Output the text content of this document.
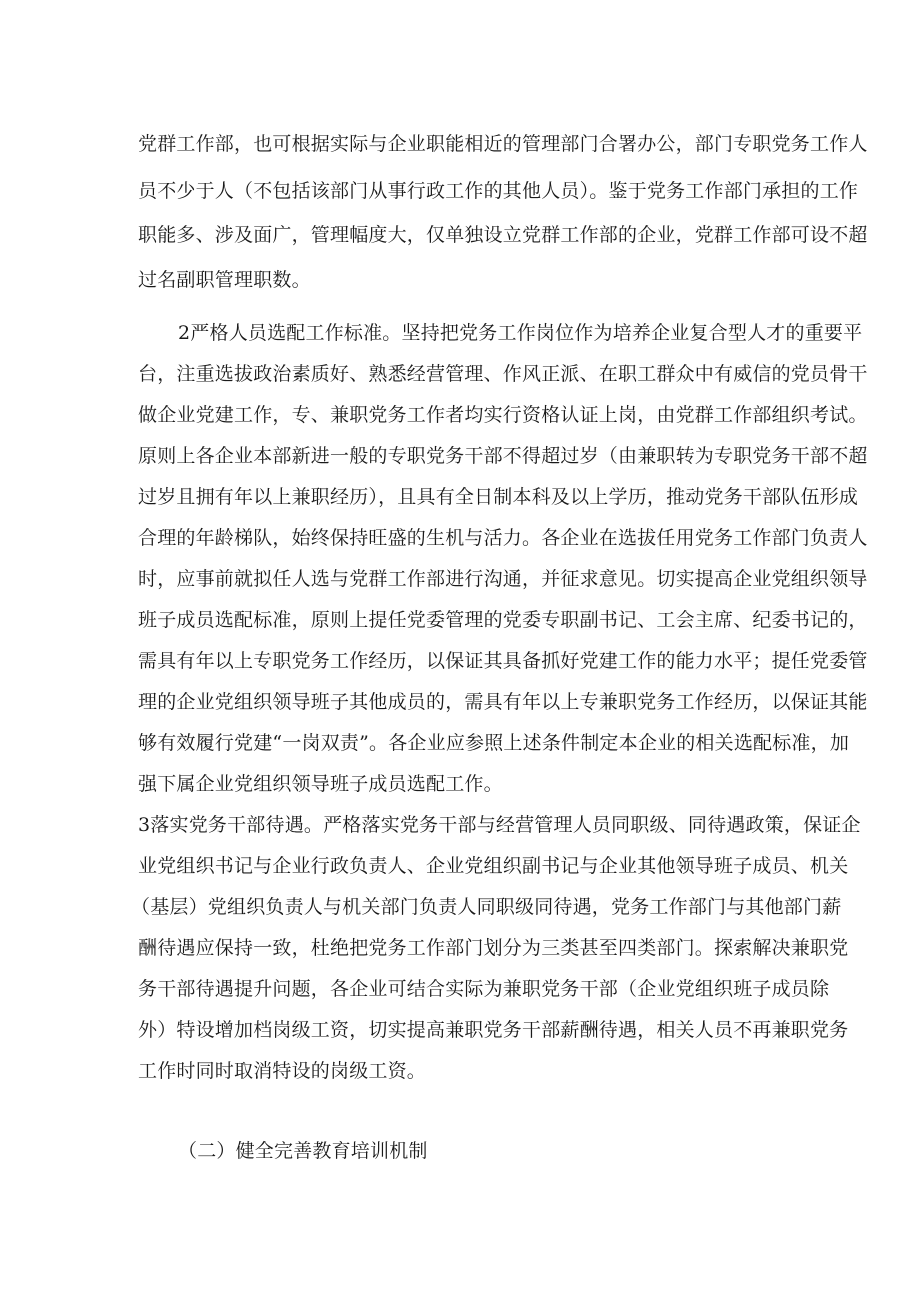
党群工作部，也可根据实际与企业职能相近的管理部门合署办公，部门专职党务工作人
员不少于人（不包括该部门从事行政工作的其他人员）。鉴于党务工作部门承担的工作
职能多、涉及面广，管理幅度大，仅单独设立党群工作部的企业，党群工作部可设不超
过名副职管理职数。
2严格人员选配工作标准。坚持把党务工作岗位作为培养企业复合型人才的重要平
台，注重选拔政治素质好、熟悉经营管理、作风正派、在职工群众中有威信的党员骨干
做企业党建工作，专、兼职党务工作者均实行资格认证上岗，由党群工作部组织考试。
原则上各企业本部新进一般的专职党务干部不得超过岁（由兼职转为专职党务干部不超
过岁且拥有年以上兼职经历），且具有全日制本科及以上学历，推动党务干部队伍形成
合理的年龄梯队，始终保持旺盛的生机与活力。各企业在选拔任用党务工作部门负责人
时，应事前就拟任人选与党群工作部进行沟通，并征求意见。切实提高企业党组织领导
班子成员选配标准，原则上提任党委管理的党委专职副书记、工会主席、纪委书记的，
需具有年以上专职党务工作经历，以保证其具备抓好党建工作的能力水平；提任党委管
理的企业党组织领导班子其他成员的，需具有年以上专兼职党务工作经历，以保证其能
够有效履行党建“一岗双责”。各企业应参照上述条件制定本企业的相关选配标准，加
强下属企业党组织领导班子成员选配工作。
3落实党务干部待遇。严格落实党务干部与经营管理人员同职级、同待遇政策，保证企
业党组织书记与企业行政负责人、企业党组织副书记与企业其他领导班子成员、机关
（基层）党组织负责人与机关部门负责人同职级同待遇，党务工作部门与其他部门薪
酬待遇应保持一致，杜绝把党务工作部门划分为三类甚至四类部门。探索解决兼职党
务干部待遇提升问题，各企业可结合实际为兼职党务干部（企业党组织班子成员除
外）特设增加档岗级工资，切实提高兼职党务干部薪酬待遇，相关人员不再兼职党务
工作时同时取消特设的岗级工资。
（二）健全完善教育培训机制
